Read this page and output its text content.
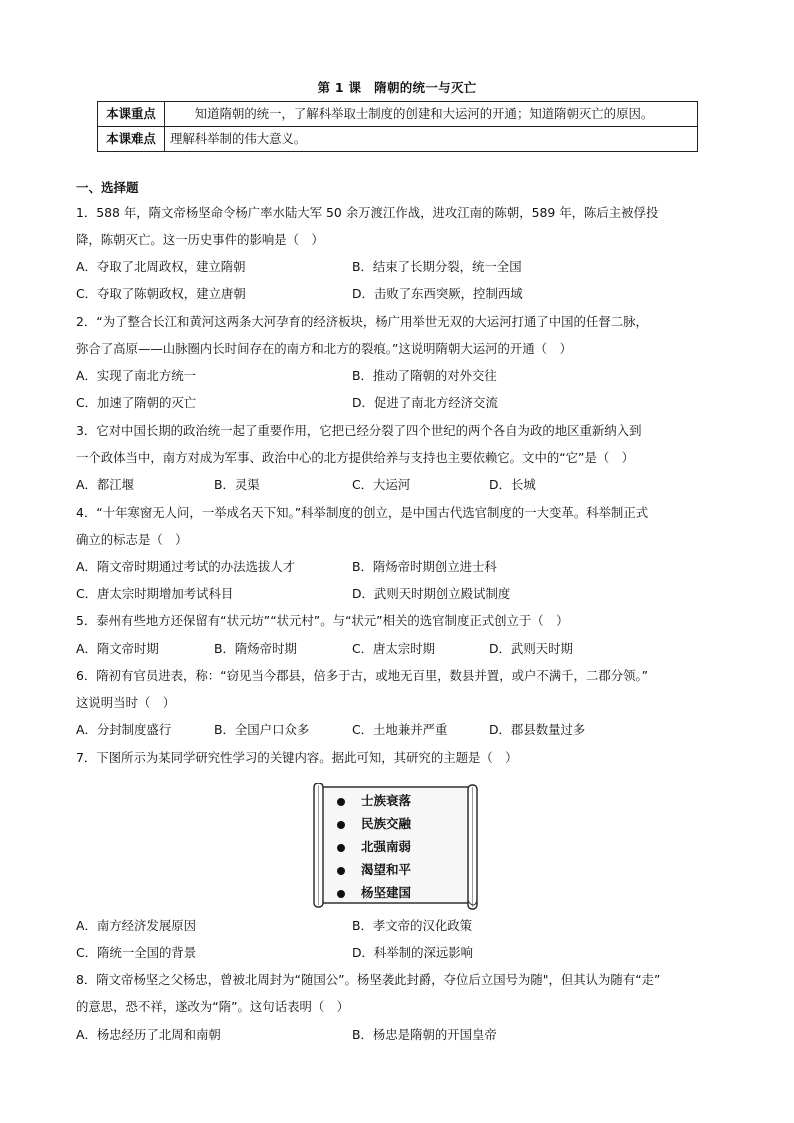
第 1 课　隋朝的统一与灭亡
本课重点	知道隋朝的统一，了解科举取士制度的创建和大运河的开通；知道隋朝灭亡的原因。
本课难点	理解科举制的伟大意义。
一、选择题
1．588 年，隋文帝杨坚命令杨广率水陆大军 50 余万渡江作战，进攻江南的陈朝，589 年，陈后主被俘投
降，陈朝灭亡。这一历史事件的影响是（　）
A．夺取了北周政权，建立隋朝	B．结束了长期分裂，统一全国
C．夺取了陈朝政权，建立唐朝	D．击败了东西突厥，控制西域
2．“为了整合长江和黄河这两条大河孕育的经济板块，杨广用举世无双的大运河打通了中国的任督二脉，
弥合了高原——山脉圈内长时间存在的南方和北方的裂痕。”这说明隋朝大运河的开通（　）
A．实现了南北方统一	B．推动了隋朝的对外交往
C．加速了隋朝的灭亡	D．促进了南北方经济交流
3．它对中国长期的政治统一起了重要作用，它把已经分裂了四个世纪的两个各自为政的地区重新纳入到
一个政体当中，南方对成为军事、政治中心的北方提供给养与支持也主要依赖它。文中的“它”是（　）
A．都江堰	B．灵渠	C．大运河	D．长城
4．“十年寒窗无人问，一举成名天下知。”科举制度的创立，是中国古代选官制度的一大变革。科举制正式
确立的标志是（　）
A．隋文帝时期通过考试的办法选拔人才	B．隋炀帝时期创立进士科
C．唐太宗时期增加考试科目	D．武则天时期创立殿试制度
5．泰州有些地方还保留有“状元坊”“状元村”。与“状元”相关的选官制度正式创立于（　）
A．隋文帝时期	B．隋炀帝时期	C．唐太宗时期	D．武则天时期
6．隋初有官员进表，称：“窃见当今郡县，倍多于古，或地无百里，数县并置，或户不满千，二郡分领。”
这说明当时（　）
A．分封制度盛行	B．全国户口众多	C．土地兼并严重	D．郡县数量过多
7．下图所示为某同学研究性学习的关键内容。据此可知，其研究的主题是（　）
士族衰落
民族交融
北强南弱
渴望和平
杨坚建国
A．南方经济发展原因	B．孝文帝的汉化政策
C．隋统一全国的背景	D．科举制的深远影响
8．隋文帝杨坚之父杨忠，曾被北周封为“随国公”。杨坚袭此封爵，夺位后立国号为随"，但其认为随有“走”
的意思，恐不祥，遂改为“隋”。这句话表明（　）
A．杨忠经历了北周和南朝	B．杨忠是隋朝的开国皇帝
